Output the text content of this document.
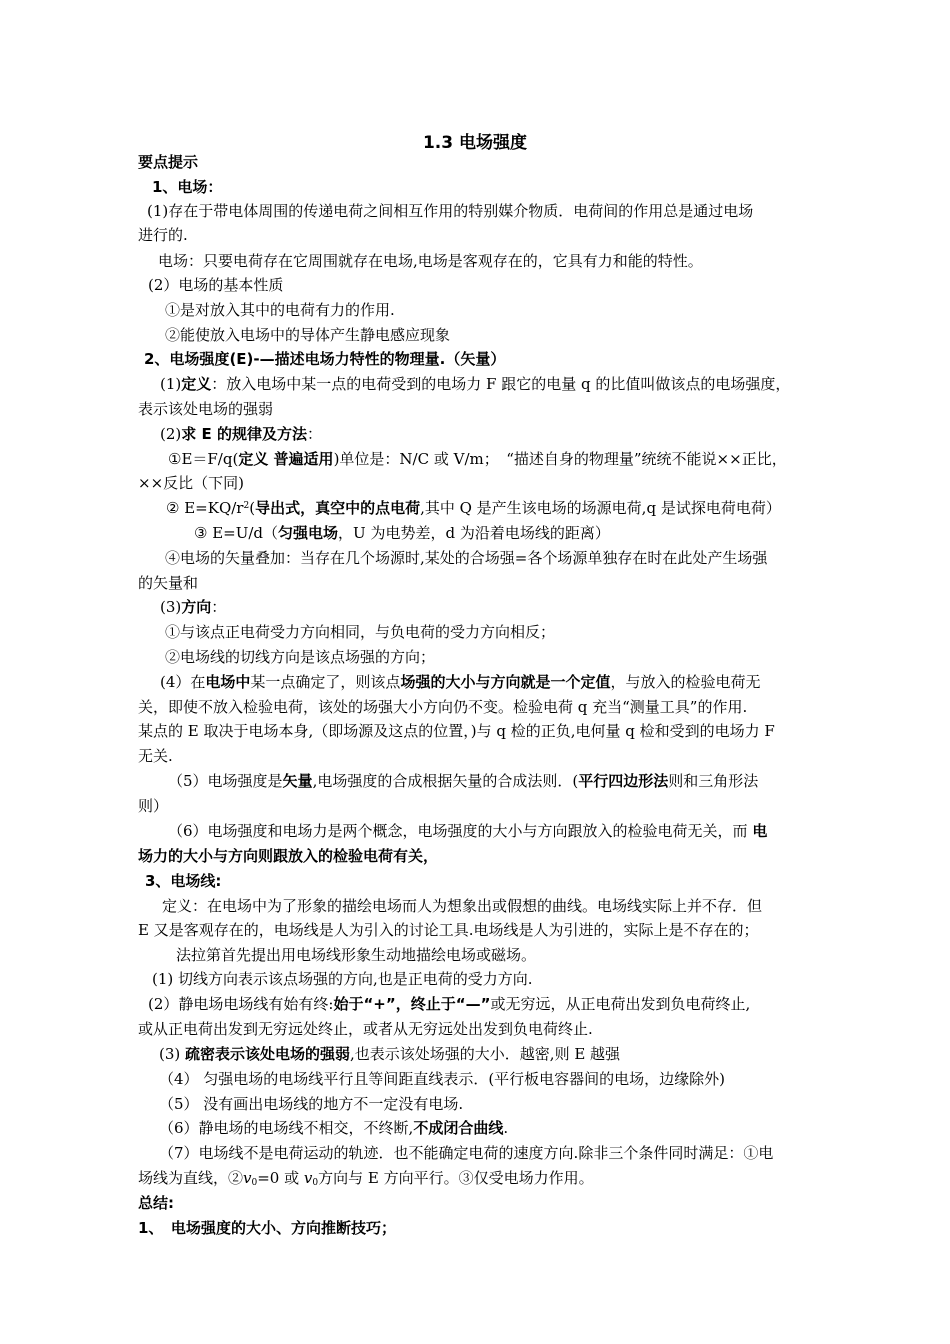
1.3 电场强度
要点提示
1、电场：
(1)存在于带电体周围的传递电荷之间相互作用的特别媒介物质．电荷间的作用总是通过电场
进行的.
电场：只要电荷存在它周围就存在电场,电场是客观存在的，它具有力和能的特性。
(2）电场的基本性质
①是对放入其中的电荷有力的作用.
②能使放入电场中的导体产生静电感应现象
2、电场强度(E)-—描述电场力特性的物理量.（矢量）
(1)定义：放入电场中某一点的电荷受到的电场力 F 跟它的电量 q 的比值叫做该点的电场强度，
表示该处电场的强弱
(2)求 E 的规律及方法：
①E＝F/q(定义 普遍适用)单位是：N/C 或 V/m；　“描述自身的物理量”统统不能说××正比，
××反比（下同)
② $E=KQ/r^2$(导出式，真空中的点电荷,其中 Q 是产生该电场的场源电荷,q 是试探电荷电荷）
③ E=U/d（匀强电场，U 为电势差，d 为沿着电场线的距离）
④电场的矢量叠加：当存在几个场源时,某处的合场强=各个场源单独存在时在此处产生场强
的矢量和
(3)方向：
①与该点正电荷受力方向相同，与负电荷的受力方向相反；
②电场线的切线方向是该点场强的方向；
(4）在电场中某一点确定了，则该点场强的大小与方向就是一个定值，与放入的检验电荷无
关，即使不放入检验电荷，该处的场强大小方向仍不变。检验电荷 q 充当“测量工具”的作用.
某点的 E 取决于电场本身,（即场源及这点的位置，)与 q 检的正负,电何量 q 检和受到的电场力 F
无关.
（5）电场强度是矢量,电场强度的合成根据矢量的合成法则．(平行四边形法则和三角形法
则）
（6）电场强度和电场力是两个概念，电场强度的大小与方向跟放入的检验电荷无关，而 电
场力的大小与方向则跟放入的检验电荷有关，
3、电场线:
定义：在电场中为了形象的描绘电场而人为想象出或假想的曲线。电场线实际上并不存．但
E 又是客观存在的，电场线是人为引入的讨论工具.电场线是人为引进的，实际上是不存在的；
法拉第首先提出用电场线形象生动地描绘电场或磁场。
(1) 切线方向表示该点场强的方向,也是正电荷的受力方向.
(2）静电场电场线有始有终:始于“+”，终止于“—”或无穷远，从正电荷出发到负电荷终止,
或从正电荷出发到无穷远处终止，或者从无穷远处出发到负电荷终止.
(3) 疏密表示该处电场的强弱,也表示该处场强的大小．越密,则 E 越强
（4） 匀强电场的电场线平行且等间距直线表示．(平行板电容器间的电场，边缘除外)
（5） 没有画出电场线的地方不一定没有电场.
（6）静电场的电场线不相交，不终断,不成闭合曲线.
（7）电场线不是电荷运动的轨迹．也不能确定电荷的速度方向.除非三个条件同时满足：①电
场线为直线，$②v_0=0$ 或 $v_0$方向与 E 方向平行。③仅受电场力作用。
总结:
1、　电场强度的大小、方向推断技巧；
